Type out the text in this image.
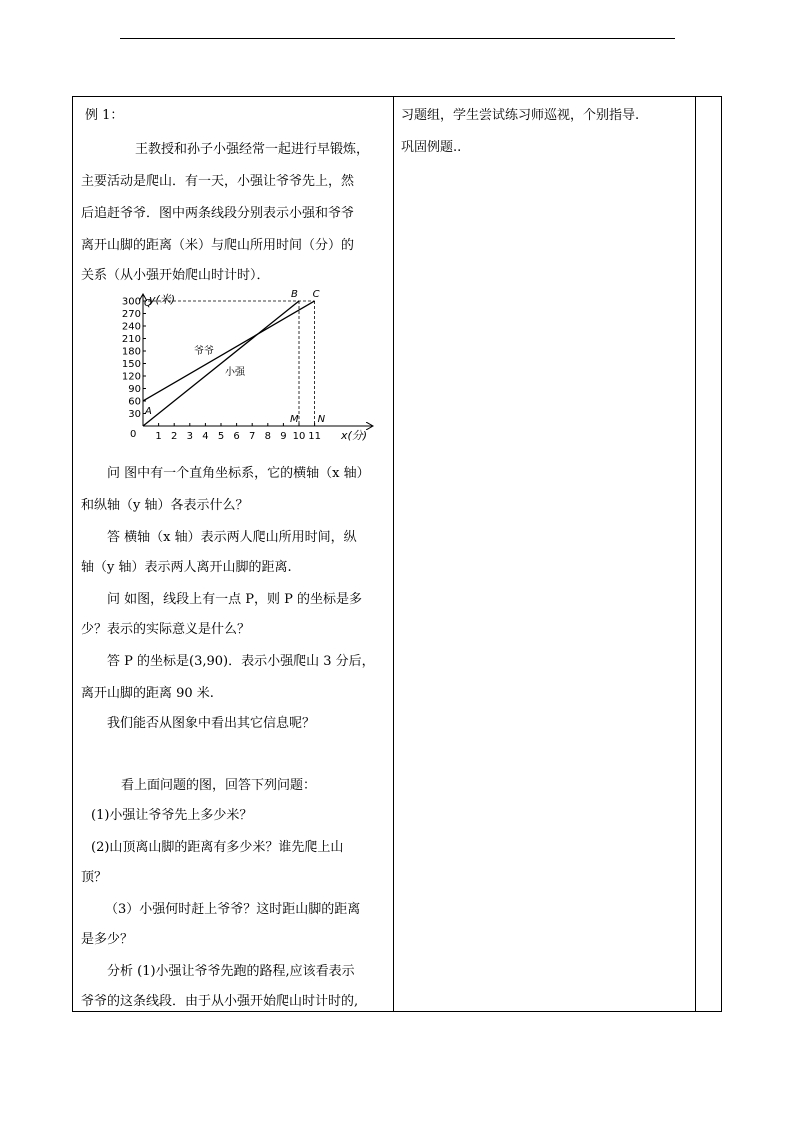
例 1：
王教授和孙子小强经常一起进行早锻炼，
主要活动是爬山．有一天，小强让爷爷先上，然
后追赶爷爷．图中两条线段分别表示小强和爷爷
离开山脚的距离（米）与爬山所用时间（分）的
关系（从小强开始爬山时计时）．
问 图中有一个直角坐标系，它的横轴（x 轴）
和纵轴（y 轴）各表示什么？
答 横轴（x 轴）表示两人爬山所用时间，纵
轴（y 轴）表示两人离开山脚的距离.
问 如图，线段上有一点 P，则 P 的坐标是多
少？表示的实际意义是什么？
答 P 的坐标是(3,90)．表示小强爬山 3 分后，
离开山脚的距离 90 米.
我们能否从图象中看出其它信息呢？
看上面问题的图，回答下列问题：
(1)小强让爷爷先上多少米？
(2)山顶离山脚的距离有多少米？谁先爬上山
顶？
（3）小强何时赶上爷爷？这时距山脚的距离
是多少？
分析 (1)小强让爷爷先跑的路程,应该看表示
爷爷的这条线段．由于从小强开始爬山时计时的,
习题组，学生尝试练习师巡视，个别指导.
巩固例题..
300
270
240
210
180
150
120
90
60
30
1 2 3 4 5 6 7 8 9 10 11
A
B C
Q
M N
y(米)
x(分)
0
爷爷
小强
